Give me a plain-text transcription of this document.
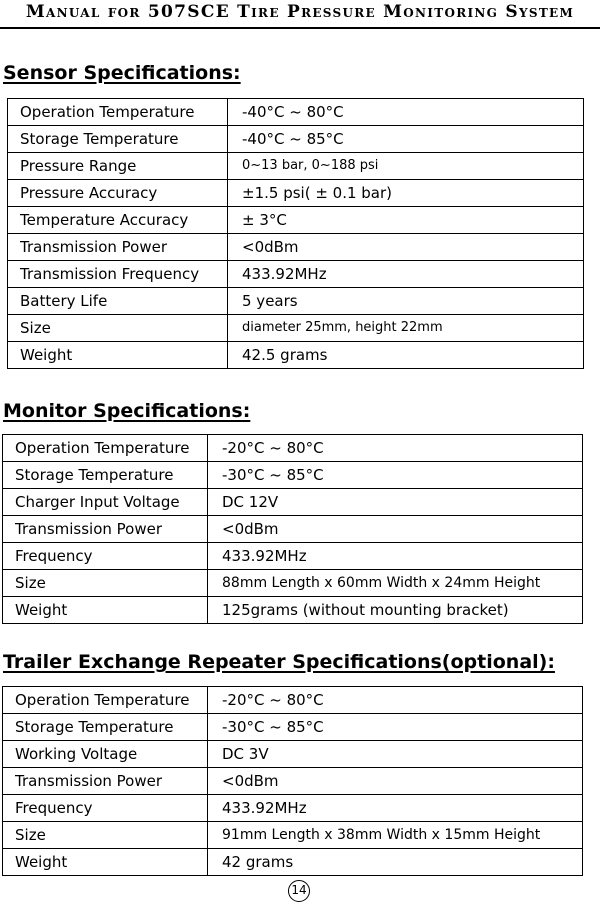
Manual for 507SCE Tire Pressure Monitoring System
Sensor Specifications:
Operation Temperature	-40°C ~ 80°C
Storage Temperature	-40°C ~ 85°C
Pressure Range	0~13 bar, 0~188 psi
Pressure Accuracy	±1.5 psi( ± 0.1 bar)
Temperature Accuracy	± 3°C
Transmission Power	<0dBm
Transmission Frequency	433.92MHz
Battery Life	5 years
Size	diameter 25mm, height 22mm
Weight	42.5 grams
Monitor Specifications:
Operation Temperature	-20°C ~ 80°C
Storage Temperature	-30°C ~ 85°C
Charger Input Voltage	DC 12V
Transmission Power	<0dBm
Frequency	433.92MHz
Size	88mm Length x 60mm Width x 24mm Height
Weight	125grams (without mounting bracket)
Trailer Exchange Repeater Specifications(optional):
Operation Temperature	-20°C ~ 80°C
Storage Temperature	-30°C ~ 85°C
Working Voltage	DC 3V
Transmission Power	<0dBm
Frequency	433.92MHz
Size	91mm Length x 38mm Width x 15mm Height
Weight	42 grams
14
